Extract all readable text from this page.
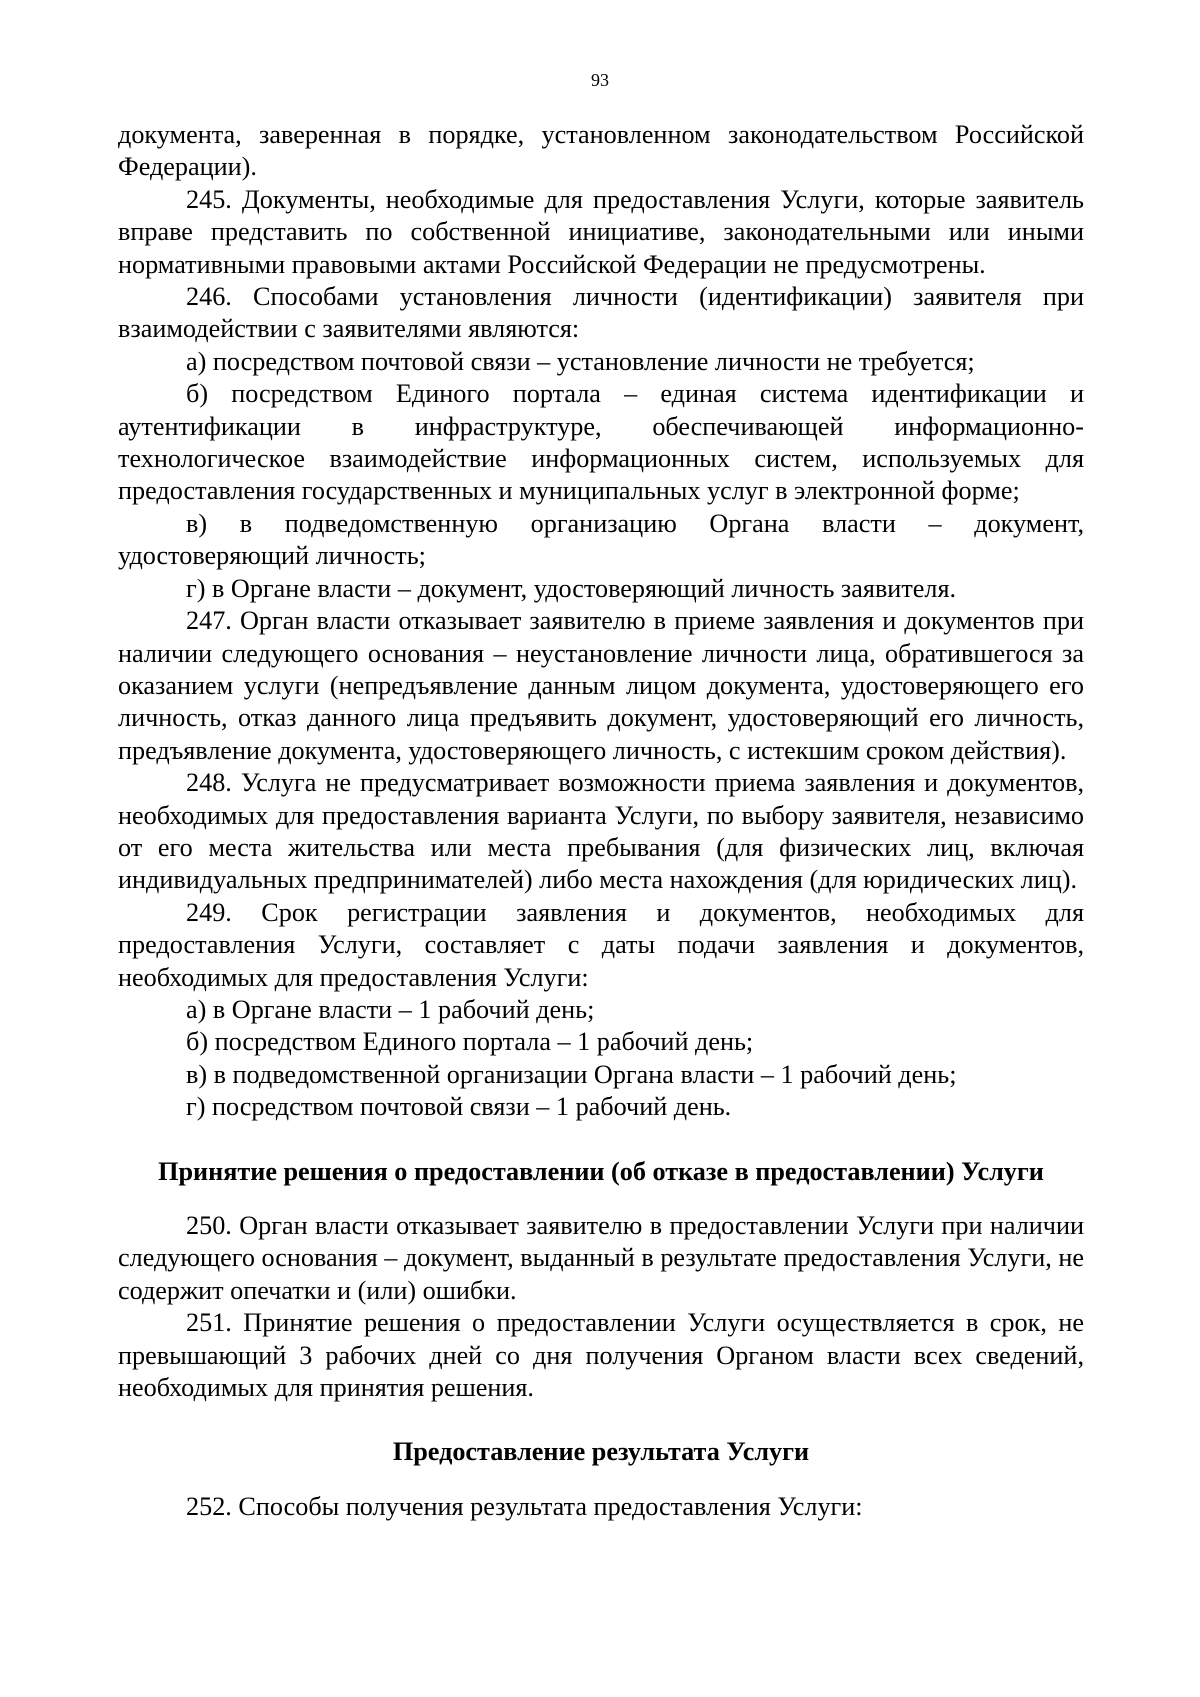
93

документа, заверенная в порядке, установленном законодательством Российской Федерации).

245. Документы, необходимые для предоставления Услуги, которые заявитель вправе представить по собственной инициативе, законодательными или иными нормативными правовыми актами Российской Федерации не предусмотрены.

246. Способами установления личности (идентификации) заявителя при взаимодействии с заявителями являются:

а) посредством почтовой связи – установление личности не требуется;

б) посредством Единого портала – единая система идентификации и аутентификации в инфраструктуре, обеспечивающей информационно-технологическое взаимодействие информационных систем, используемых для предоставления государственных и муниципальных услуг в электронной форме;

в) в подведомственную организацию Органа власти – документ, удостоверяющий личность;

г) в Органе власти – документ, удостоверяющий личность заявителя.

247. Орган власти отказывает заявителю в приеме заявления и документов при наличии следующего основания – неустановление личности лица, обратившегося за оказанием услуги (непредъявление данным лицом документа, удостоверяющего его личность, отказ данного лица предъявить документ, удостоверяющий его личность, предъявление документа, удостоверяющего личность, с истекшим сроком действия).

248. Услуга не предусматривает возможности приема заявления и документов, необходимых для предоставления варианта Услуги, по выбору заявителя, независимо от его места жительства или места пребывания (для физических лиц, включая индивидуальных предпринимателей) либо места нахождения (для юридических лиц).

249. Срок регистрации заявления и документов, необходимых для предоставления Услуги, составляет с даты подачи заявления и документов, необходимых для предоставления Услуги:

а) в Органе власти – 1 рабочий день;

б) посредством Единого портала – 1 рабочий день;

в) в подведомственной организации Органа власти – 1 рабочий день;

г) посредством почтовой связи – 1 рабочий день.

Принятие решения о предоставлении (об отказе в предоставлении) Услуги

250. Орган власти отказывает заявителю в предоставлении Услуги при наличии следующего основания – документ, выданный в результате предоставления Услуги, не содержит опечатки и (или) ошибки.

251. Принятие решения о предоставлении Услуги осуществляется в срок, не превышающий 3 рабочих дней со дня получения Органом власти всех сведений, необходимых для принятия решения.

Предоставление результата Услуги

252. Способы получения результата предоставления Услуги:
